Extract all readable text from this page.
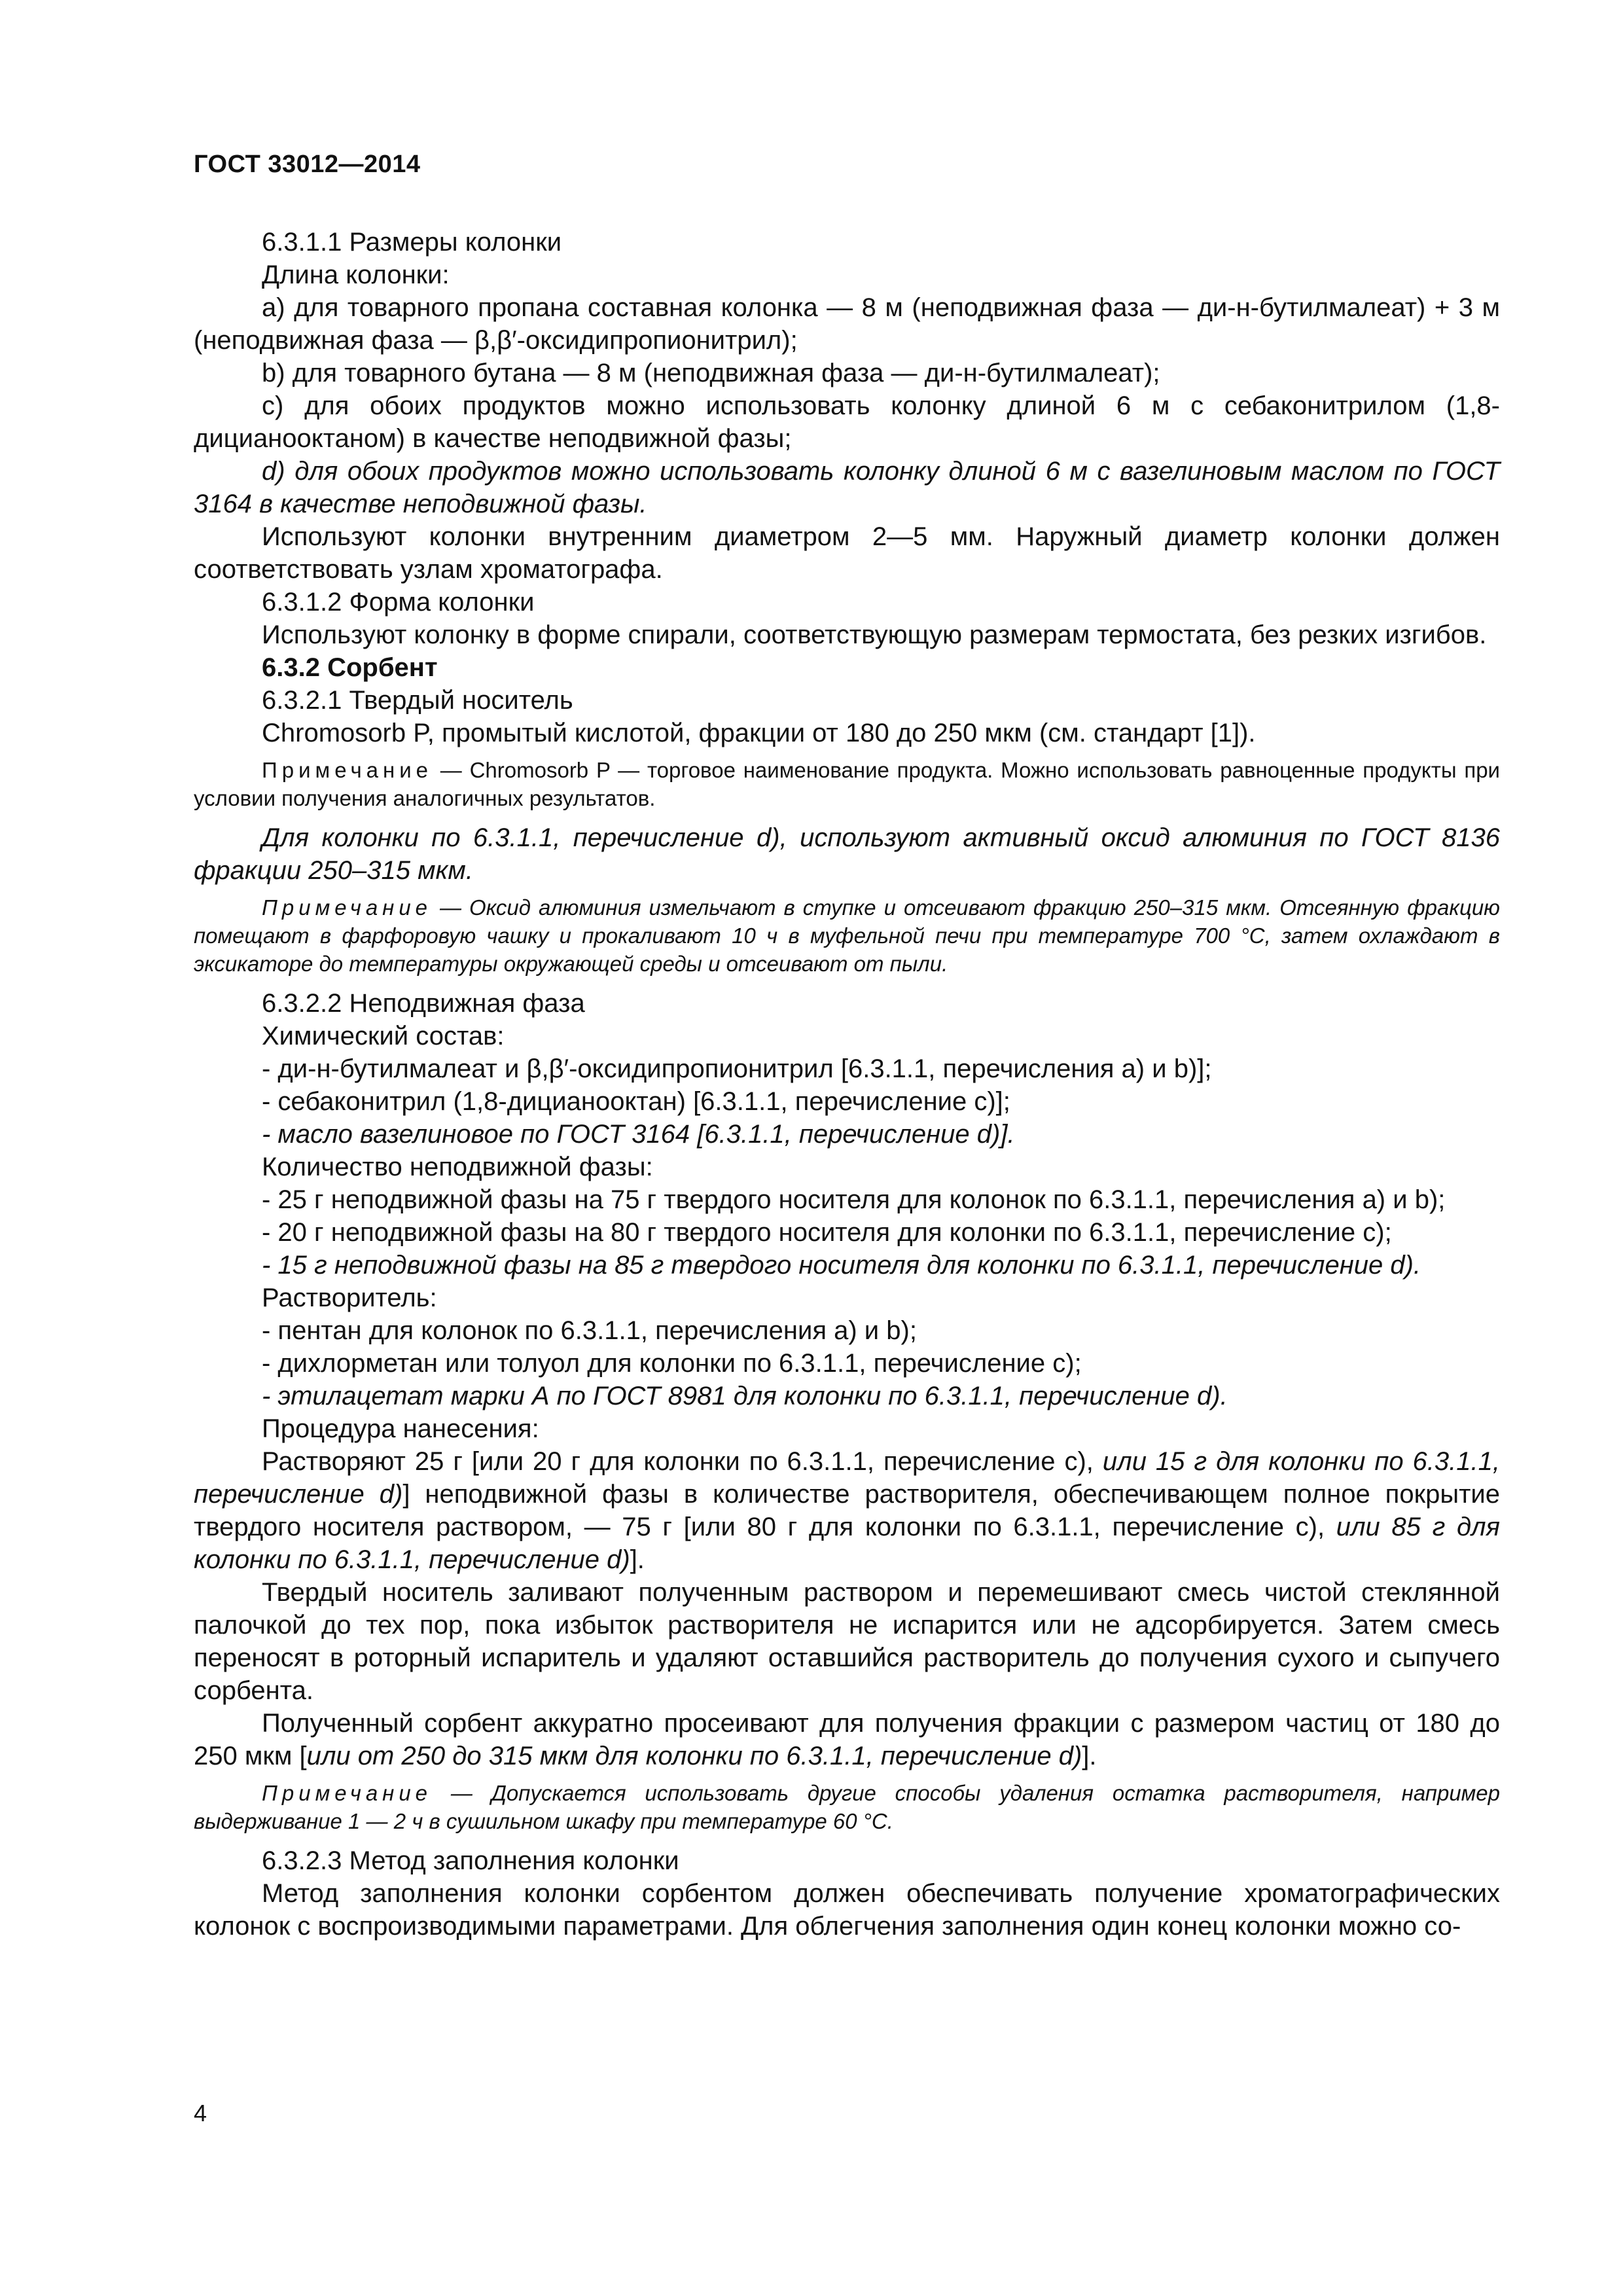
ГОСТ 33012—2014

6.3.1.1 Размеры колонки

Длина колонки:

а) для товарного пропана составная колонка — 8 м (неподвижная фаза — ди-н-бутилмалеат) + 3 м (неподвижная фаза — β,β′-оксидипропионитрил);

b) для товарного бутана — 8 м (неподвижная фаза — ди-н-бутилмалеат);

с) для обоих продуктов можно использовать колонку длиной 6 м с себаконитрилом (1,8-дицианооктаном) в качестве неподвижной фазы;

d) для обоих продуктов можно использовать колонку длиной 6 м с вазелиновым маслом по ГОСТ 3164 в качестве неподвижной фазы.

Используют колонки внутренним диаметром 2—5 мм. Наружный диаметр колонки должен соответствовать узлам хроматографа.

6.3.1.2 Форма колонки

Используют колонку в форме спирали, соответствующую размерам термостата, без резких изгибов.

6.3.2 Сорбент

6.3.2.1 Твердый носитель

Chromosorb P, промытый кислотой, фракции от 180 до 250 мкм (см. стандарт [1]).

Примечание — Chromosorb P — торговое наименование продукта. Можно использовать равноценные продукты при условии получения аналогичных результатов.

Для колонки по 6.3.1.1, перечисление d), используют активный оксид алюминия по ГОСТ 8136 фракции 250–315 мкм.

Примечание — Оксид алюминия измельчают в ступке и отсеивают фракцию 250–315 мкм. Отсеянную фракцию помещают в фарфоровую чашку и прокаливают 10 ч в муфельной печи при температуре 700 °С, затем охлаждают в эксикаторе до температуры окружающей среды и отсеивают от пыли.

6.3.2.2 Неподвижная фаза

Химический состав:

- ди-н-бутилмалеат и β,β′-оксидипропионитрил [6.3.1.1, перечисления а) и b)];

- себаконитрил (1,8-дицианооктан) [6.3.1.1, перечисление с)];

- масло вазелиновое по ГОСТ 3164 [6.3.1.1, перечисление d)].

Количество неподвижной фазы:

- 25 г неподвижной фазы на 75 г твердого носителя для колонок по 6.3.1.1, перечисления а) и b);

- 20 г неподвижной фазы на 80 г твердого носителя для колонки по 6.3.1.1, перечисление с);

- 15 г неподвижной фазы на 85 г твердого носителя для колонки по 6.3.1.1, перечисление d).

Растворитель:

- пентан для колонок по 6.3.1.1, перечисления а) и b);

- дихлорметан или толуол для колонки по 6.3.1.1, перечисление с);

- этилацетат марки А по ГОСТ 8981 для колонки по 6.3.1.1, перечисление d).

Процедура нанесения:

Растворяют 25 г [или 20 г для колонки по 6.3.1.1, перечисление с), или 15 г для колонки по 6.3.1.1, перечисление d)] неподвижной фазы в количестве растворителя, обеспечивающем полное покрытие твердого носителя раствором, — 75 г [или 80 г для колонки по 6.3.1.1, перечисление с), или 85 г для колонки по 6.3.1.1, перечисление d)].

Твердый носитель заливают полученным раствором и перемешивают смесь чистой стеклянной палочкой до тех пор, пока избыток растворителя не испарится или не адсорбируется. Затем смесь переносят в роторный испаритель и удаляют оставшийся растворитель до получения сухого и сыпучего сорбента.

Полученный сорбент аккуратно просеивают для получения фракции с размером частиц от 180 до 250 мкм [или от 250 до 315 мкм для колонки по 6.3.1.1, перечисление d)].

Примечание — Допускается использовать другие способы удаления остатка растворителя, например выдерживание 1 — 2 ч в сушильном шкафу при температуре 60 °С.

6.3.2.3 Метод заполнения колонки

Метод заполнения колонки сорбентом должен обеспечивать получение хроматографических колонок с воспроизводимыми параметрами. Для облегчения заполнения один конец колонки можно со-

4
